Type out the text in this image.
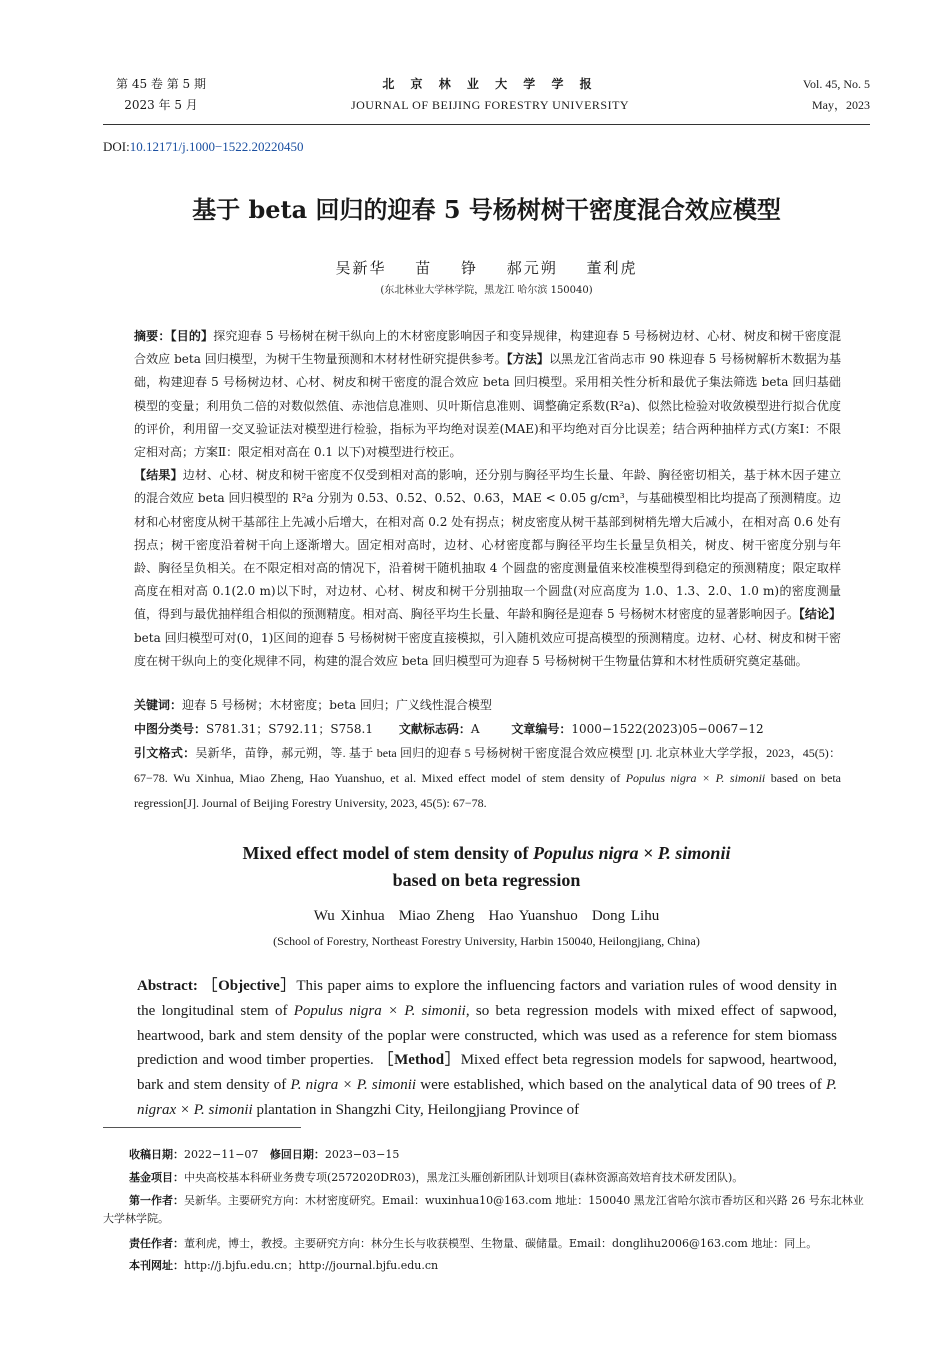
第 45 卷 第 5 期
2023 年 5 月
北 京 林 业 大 学 学 报
JOURNAL OF BEIJING FORESTRY UNIVERSITY
Vol. 45, No. 5
May，2023
DOI:10.12171/j.1000−1522.20220450
基于 beta 回归的迎春 5 号杨树树干密度混合效应模型
吴新华 苗 铮 郝元朔 董利虎
(东北林业大学林学院，黑龙江 哈尔滨 150040)
摘要：【目的】探究迎春 5 号杨树在树干纵向上的木材密度影响因子和变异规律，构建迎春 5 号杨树边材、心材、树皮和树干密度混合效应 beta 回归模型，为树干生物量预测和木材材性研究提供参考。【方法】以黑龙江省尚志市 90 株迎春 5 号杨树解析木数据为基础，构建迎春 5 号杨树边材、心材、树皮和树干密度的混合效应 beta 回归模型。采用相关性分析和最优子集法筛选 beta 回归基础模型的变量；利用负二倍的对数似然值、赤池信息准则、贝叶斯信息准则、调整确定系数(R²a)、似然比检验对收敛模型进行拟合优度的评价，利用留一交叉验证法对模型进行检验，指标为平均绝对误差(MAE)和平均绝对百分比误差；结合两种抽样方式(方案Ⅰ：不限定相对高；方案Ⅱ：限定相对高在 0.1 以下)对模型进行校正。
【结果】边材、心材、树皮和树干密度不仅受到相对高的影响，还分别与胸径平均生长量、年龄、胸径密切相关，基于林木因子建立的混合效应 beta 回归模型的 R²a 分别为 0.53、0.52、0.52、0.63，MAE < 0.05 g/cm³，与基础模型相比均提高了预测精度。边材和心材密度从树干基部往上先减小后增大，在相对高 0.2 处有拐点；树皮密度从树干基部到树梢先增大后减小，在相对高 0.6 处有拐点；树干密度沿着树干向上逐渐增大。固定相对高时，边材、心材密度都与胸径平均生长量呈负相关，树皮、树干密度分别与年龄、胸径呈负相关。在不限定相对高的情况下，沿着树干随机抽取 4 个圆盘的密度测量值来校准模型得到稳定的预测精度；限定取样高度在相对高 0.1(2.0 m)以下时，对边材、心材、树皮和树干分别抽取一个圆盘(对应高度为 1.0、1.3、2.0、1.0 m)的密度测量值，得到与最优抽样组合相似的预测精度。相对高、胸径平均生长量、年龄和胸径是迎春 5 号杨树木材密度的显著影响因子。【结论】beta 回归模型可对(0，1)区间的迎春 5 号杨树树干密度直接模拟，引入随机效应可提高模型的预测精度。边材、心材、树皮和树干密度在树干纵向上的变化规律不同，构建的混合效应 beta 回归模型可为迎春 5 号杨树树干生物量估算和木材性质研究奠定基础。
关键词：迎春 5 号杨树；木材密度；beta 回归；广义线性混合模型
中图分类号：S781.31；S792.11；S758.1 文献标志码：A	文章编号：1000−1522(2023)05−0067−12
引文格式：吴新华，苗铮，郝元朔，等. 基于 beta 回归的迎春 5 号杨树树干密度混合效应模型 [J]. 北京林业大学学报，2023，45(5)：67−78. Wu Xinhua, Miao Zheng, Hao Yuanshuo, et al. Mixed effect model of stem density of Populus nigra × P. simonii based on beta regression[J]. Journal of Beijing Forestry University, 2023, 45(5): 67−78.
Mixed effect model of stem density of Populus nigra × P. simonii
based on beta regression
Wu Xinhua Miao Zheng Hao Yuanshuo Dong Lihu
(School of Forestry, Northeast Forestry University, Harbin 150040, Heilongjiang, China)
Abstract: ［Objective］This paper aims to explore the influencing factors and variation rules of wood density in the longitudinal stem of Populus nigra × P. simonii, so beta regression models with mixed effect of sapwood, heartwood, bark and stem density of the poplar were constructed, which was used as a reference for stem biomass prediction and wood timber properties. ［Method］Mixed effect beta regression models for sapwood, heartwood, bark and stem density of P. nigra × P. simonii were established, which based on the analytical data of 90 trees of P. nigrax × P. simonii plantation in Shangzhi City, Heilongjiang Province of
收稿日期：2022−11−07 修回日期：2023−03−15
基金项目：中央高校基本科研业务费专项(2572020DR03)，黑龙江头雁创新团队计划项目(森林资源高效培育技术研发团队)。
第一作者：吴新华。主要研究方向：木材密度研究。Email：wuxinhua10@163.com 地址：150040 黑龙江省哈尔滨市香坊区和兴路 26 号东北林业大学林学院。
责任作者：董利虎，博士，教授。主要研究方向：林分生长与收获模型、生物量、碳储量。Email：donglihu2006@163.com 地址：同上。
本刊网址：http://j.bjfu.edu.cn；http://journal.bjfu.edu.cn
